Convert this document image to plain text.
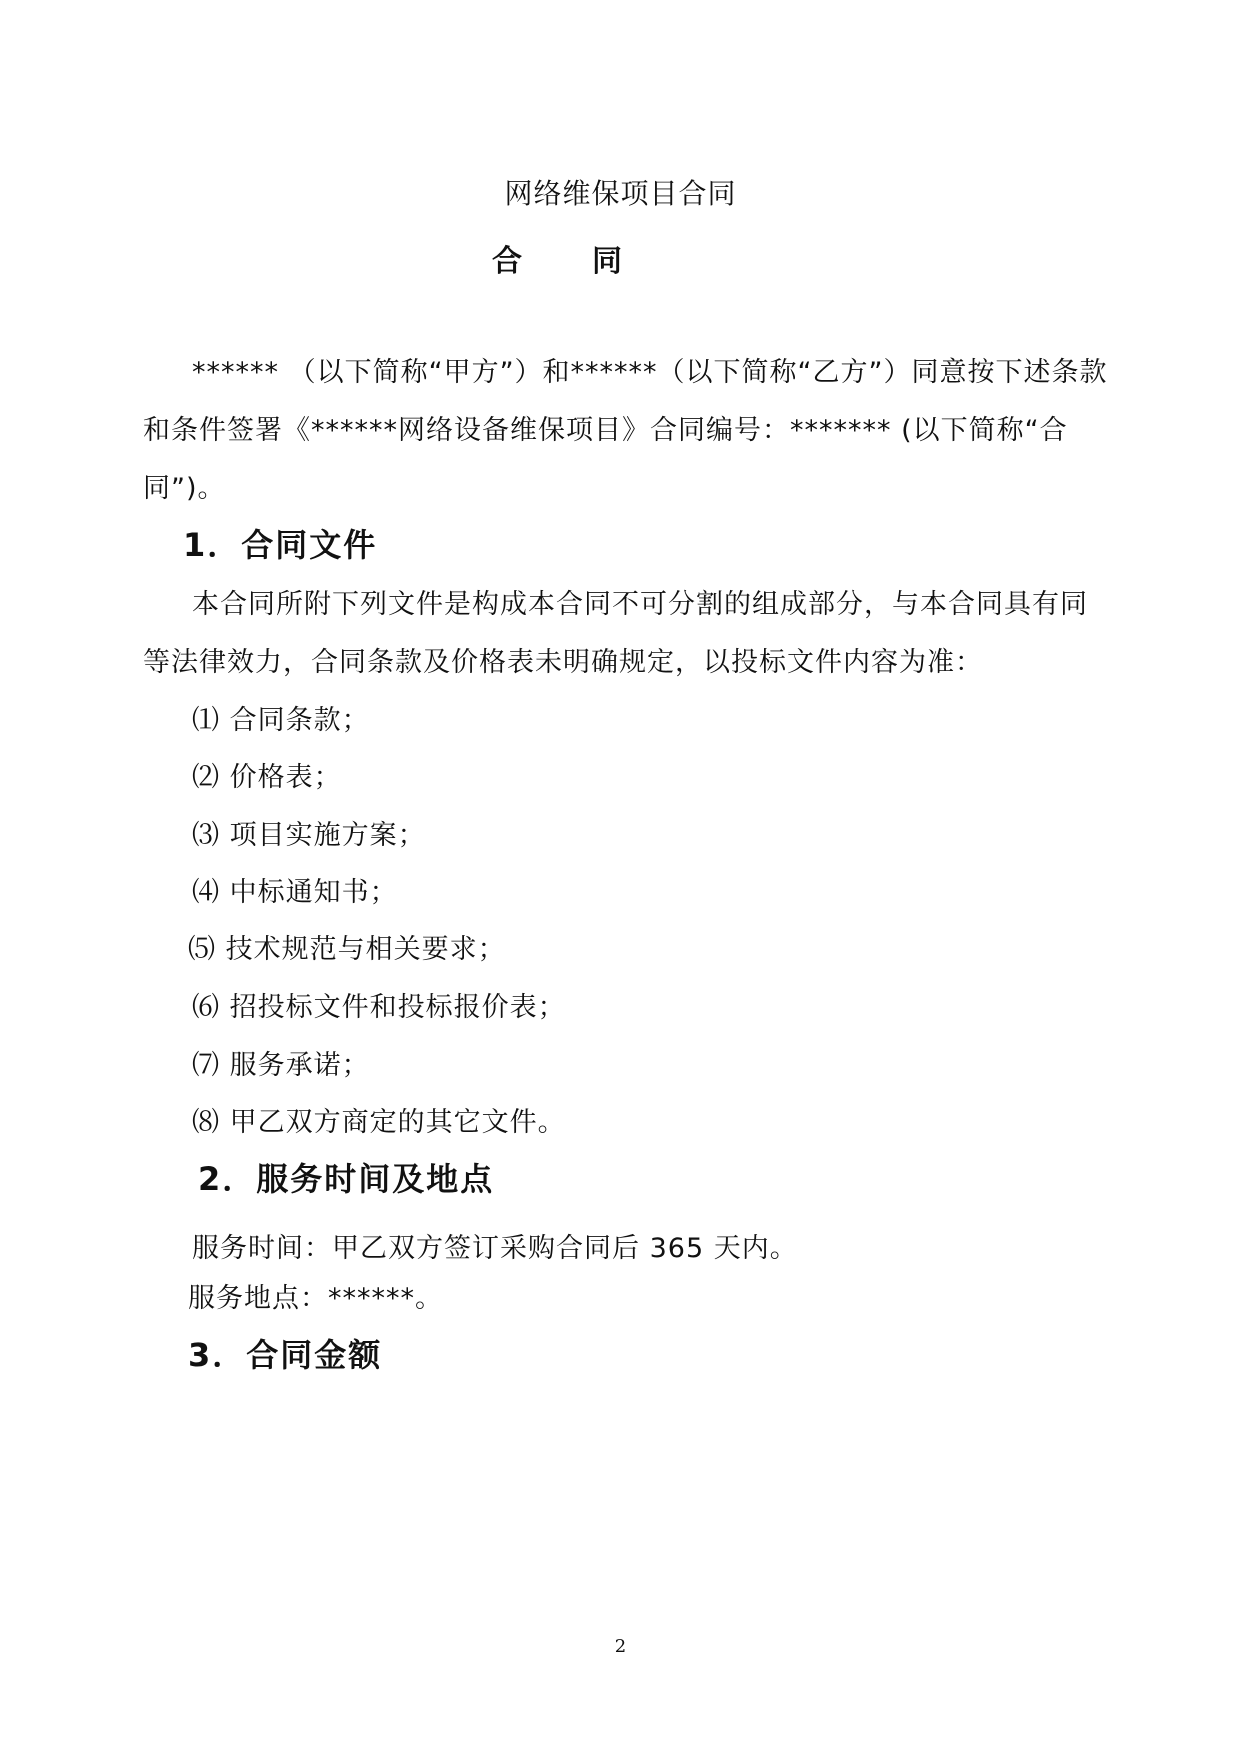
网络维保项目合同
合 同
****** （以下简称“甲方”）和******（以下简称“乙方”）同意按下述条款
和条件签署《******网络设备维保项目》合同编号：******* (以下简称“合
同”)。
1．合同文件
本合同所附下列文件是构成本合同不可分割的组成部分，与本合同具有同
等法律效力，合同条款及价格表未明确规定，以投标文件内容为准：
⑴ 合同条款；
⑵ 价格表；
⑶ 项目实施方案；
⑷ 中标通知书；
⑸ 技术规范与相关要求；
⑹ 招投标文件和投标报价表；
⑺ 服务承诺；
⑻ 甲乙双方商定的其它文件。
2．服务时间及地点
服务时间：甲乙双方签订采购合同后 365 天内。
服务地点：******。
3．合同金额
2
